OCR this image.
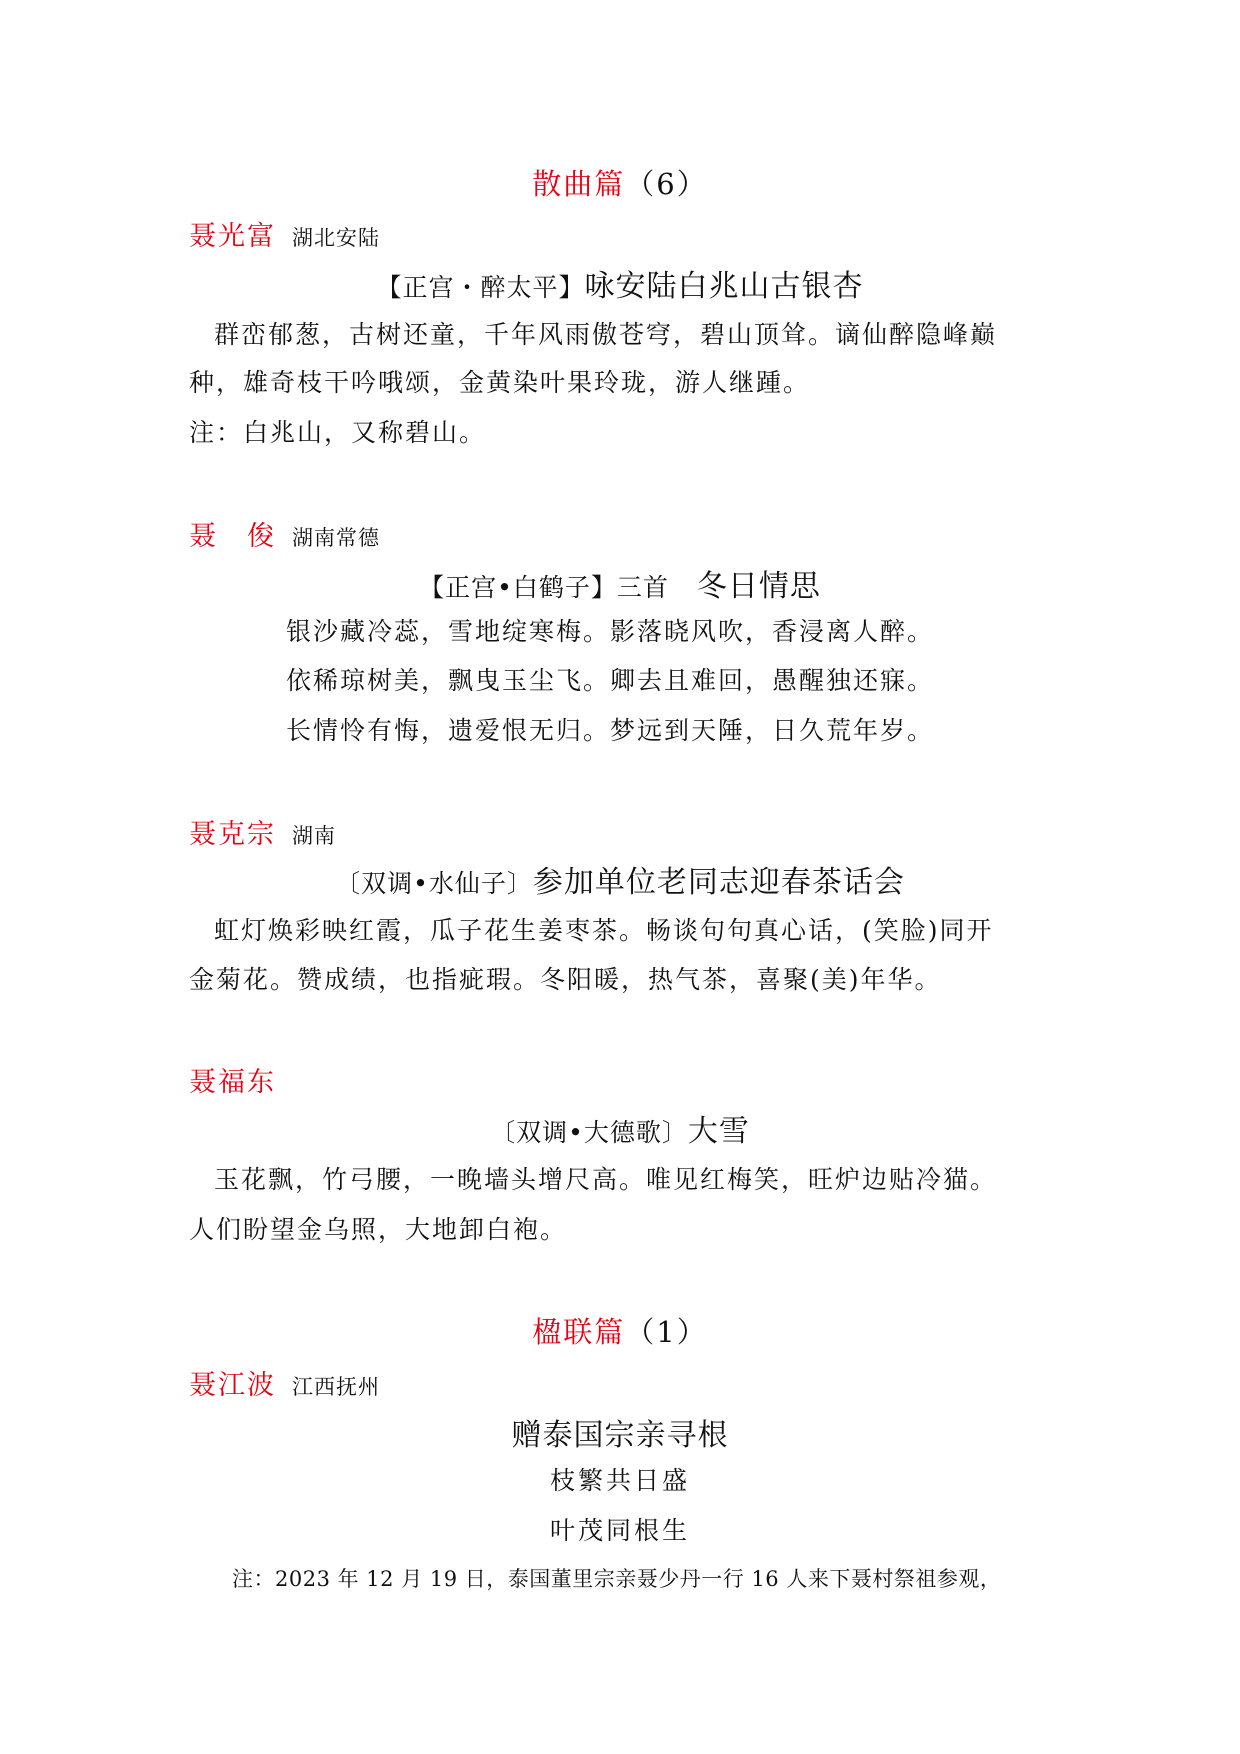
散曲篇（6）
聂光富 湖北安陆
【正宫・醉太平】咏安陆白兆山古银杏
群峦郁葱，古树还童，千年风雨傲苍穹，碧山顶耸。谪仙醉隐峰巅
种，雄奇枝干吟哦颂，金黄染叶果玲珑，游人继踵。
注：白兆山，又称碧山。
聂　俊 湖南常德
【正宫•白鹤子】三首 冬日情思
银沙藏冷蕊，雪地绽寒梅。影落晓风吹，香浸离人醉。
依稀琼树美，飘曳玉尘飞。卿去且难回，愚醒独还寐。
长情怜有悔，遗爱恨无归。梦远到天陲，日久荒年岁。
聂克宗 湖南
〔双调•水仙子〕参加单位老同志迎春茶话会
虹灯焕彩映红霞，瓜子花生姜枣茶。畅谈句句真心话，(笑脸)同开
金菊花。赞成绩，也指疵瑕。冬阳暖，热气茶，喜聚(美)年华。
聂福东
〔双调•大德歌〕大雪
玉花飘，竹弓腰，一晚墙头增尺高。唯见红梅笑，旺炉边贴冷猫。
人们盼望金乌照，大地卸白袍。
楹联篇（1）
聂江波 江西抚州
赠泰国宗亲寻根
枝繁共日盛
叶茂同根生
注：2023 年 12 月 19 日，泰国董里宗亲聂少丹一行 16 人来下聂村祭祖参观，
